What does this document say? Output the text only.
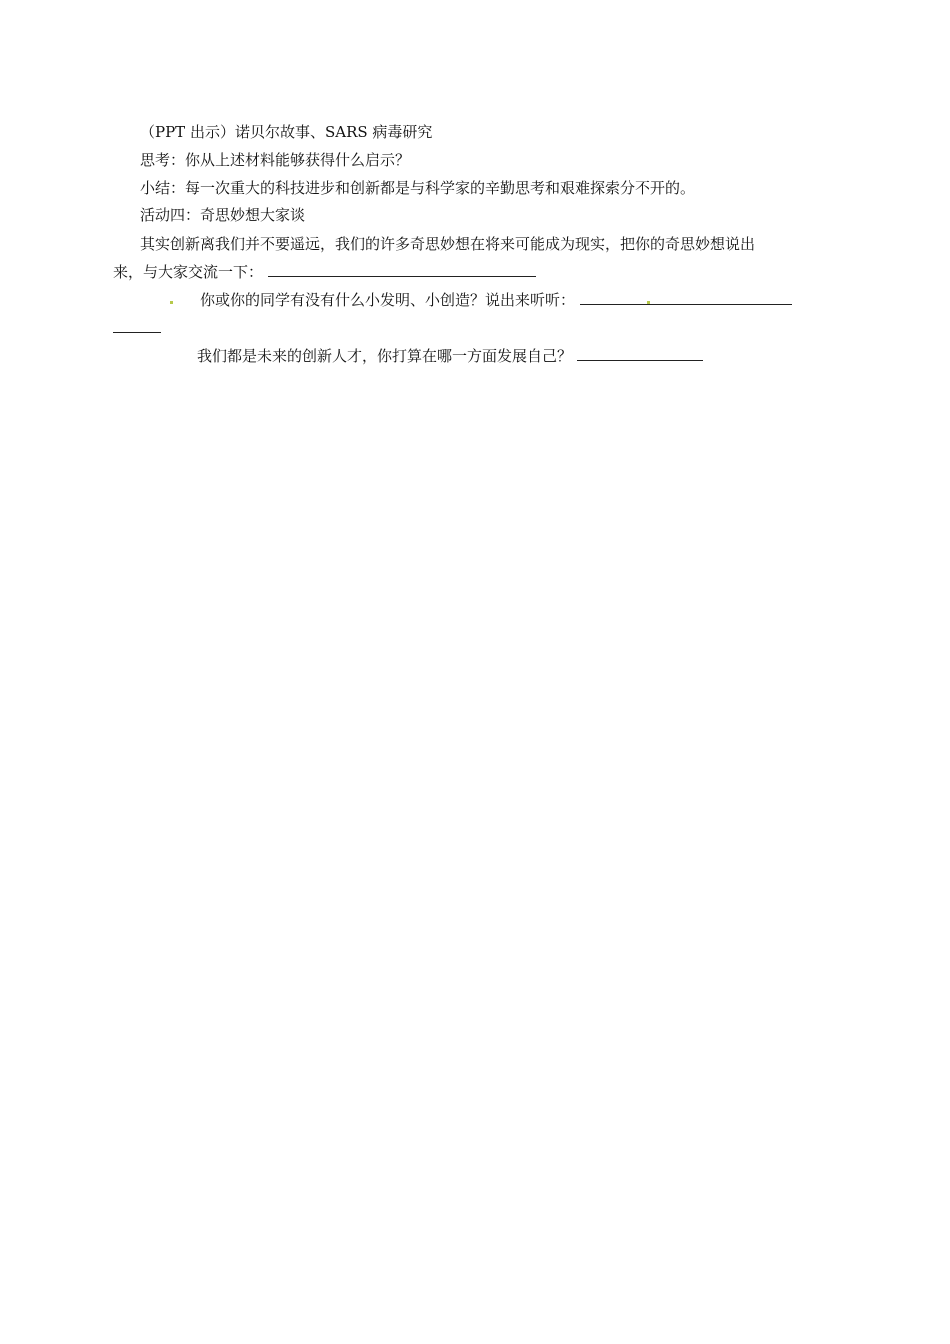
（PPT 出示）诺贝尔故事、SARS 病毒研究
思考：你从上述材料能够获得什么启示？
小结：每一次重大的科技进步和创新都是与科学家的辛勤思考和艰难探索分不开的。
活动四：奇思妙想大家谈
其实创新离我们并不要遥远，我们的许多奇思妙想在将来可能成为现实，把你的奇思妙想说出
来，与大家交流一下：
你或你的同学有没有什么小发明、小创造？说出来听听：
我们都是未来的创新人才，你打算在哪一方面发展自己？
